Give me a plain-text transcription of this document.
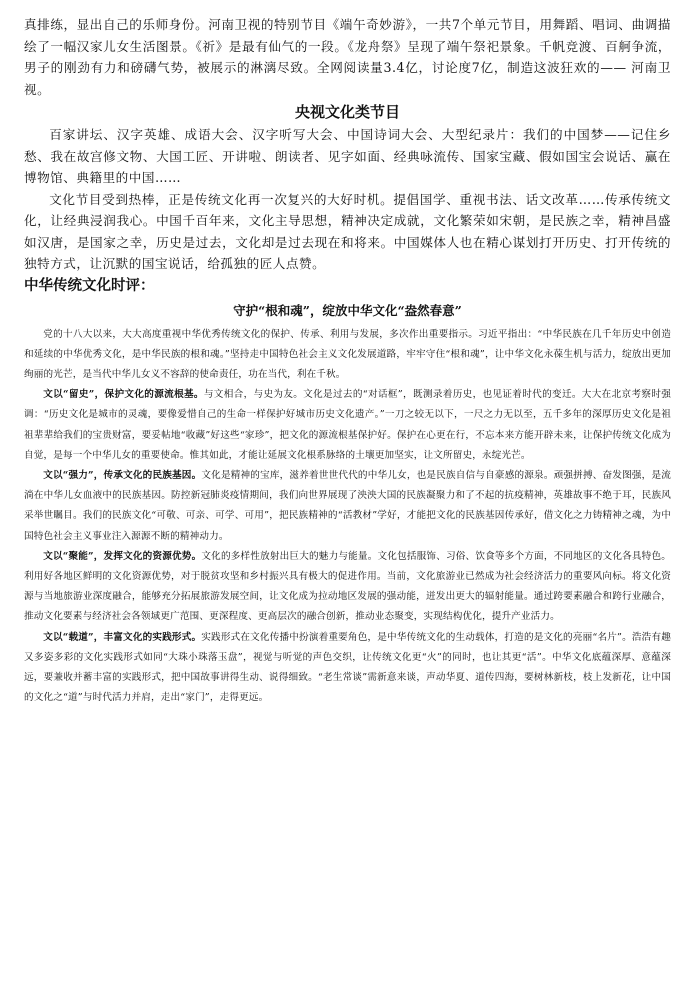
真排练，显出自己的乐师身份。河南卫视的特别节目《端午奇妙游》，一共7个单元节目，用舞蹈、唱词、曲调描绘了一幅汉家儿女生活图景。《祈》是最有仙气的一段。《龙舟祭》呈现了端午祭祀景象。千帆竞渡、百舸争流，男子的刚劲有力和磅礴气势，被展示的淋漓尽致。全网阅读量3.4亿，讨论度7亿，制造这波狂欢的—— 河南卫视。

央视文化类节目

百家讲坛、汉字英雄、成语大会、汉字听写大会、中国诗词大会、大型纪录片：我们的中国梦——记住乡愁、我在故宫修文物、大国工匠、开讲啦、朗读者、见字如面、经典咏流传、国家宝藏、假如国宝会说话、赢在博物馆、典籍里的中国……

文化节目受到热棒，正是传统文化再一次复兴的大好时机。提倡国学、重视书法、话文改革……传承传统文化，让经典浸润我心。中国千百年来，文化主导思想，精神决定成就，文化繁荣如宋朝，是民族之幸，精神昌盛如汉唐，是国家之幸，历史是过去，文化却是过去现在和将来。中国媒体人也在精心谋划打开历史、打开传统的独特方式，让沉默的国宝说话，给孤独的匠人点赞。

中华传统文化时评：
守护“根和魂”，绽放中华文化“盎然春意”

党的十八大以来，大大高度重视中华优秀传统文化的保护、传承、利用与发展，多次作出重要指示。习近平指出：“中华民族在几千年历史中创造和延续的中华优秀文化，是中华民族的根和魂。”坚持走中国特色社会主义文化发展道路，牢牢守住“根和魂”，让中华文化永葆生机与活力，绽放出更加绚丽的光芒，是当代中华儿女义不容辞的使命责任，功在当代，利在千秋。

文以“留史”，保护文化的源流根基。与文相合，与史为友。文化是过去的“对话框”，既测录着历史，也见证着时代的变迁。大大在北京考察时强调：“历史文化是城市的灵魂，要像爱惜自己的生命一样保护好城市历史文化遗产。”一刀之较无以下，一尺之力无以至，五千多年的深厚历史文化是祖祖辈辈给我们的宝贵财富，要妥帖地“收藏”好这些“家珍”，把文化的源流根基保护好。保护在心更在行，不忘本来方能开辟未来，让保护传统文化成为自觉，是每一个中华儿女的重要使命。惟其如此，才能让延展文化根系脉络的土壤更加坚实，让文所留史，永绽光芒。

文以“强力”，传承文化的民族基因。文化是精神的宝库，滋养着世世代代的中华儿女，也是民族自信与自豪感的源泉。顽强拼搏、奋发图强，是流淌在中华儿女血液中的民族基因。防控新冠肺炎疫情期间，我们向世界展现了泱泱大国的民族凝聚力和了不起的抗疫精神，英雄故事不绝于耳，民族风采举世瞩目。我们的民族文化“可敬、可亲、可学、可用”，把民族精神的“活教材”学好，才能把文化的民族基因传承好，借文化之力铸精神之魂，为中国特色社会主义事业注入源源不断的精神动力。

文以“聚能”，发挥文化的资源优势。文化的多样性放射出巨大的魅力与能量。文化包括服饰、习俗、饮食等多个方面，不同地区的文化各具特色。利用好各地区鲜明的文化资源优势，对于脱贫攻坚和乡村振兴具有极大的促进作用。当前，文化旅游业已然成为社会经济活力的重要风向标。将文化资源与当地旅游业深度融合，能够充分拓展旅游发展空间，让文化成为拉动地区发展的强动能，迸发出更大的辐射能量。通过跨要素融合和跨行业融合，推动文化要素与经济社会各领域更广范围、更深程度、更高层次的融合创新，推动业态聚变，实现结构优化，提升产业活力。

文以“载道”，丰富文化的实践形式。实践形式在文化传播中扮演着重要角色，是中华传统文化的生动载体，打造的是文化的亮丽“名片”。浩浩有趣又多姿多彩的文化实践形式如同“大珠小珠落玉盘”，视觉与听觉的声色交织，让传统文化更“火”的同时，也让其更“活”。中华文化底蕴深厚、意蕴深远，要兼收并蓄丰富的实践形式，把中国故事讲得生动、说得细致。“老生常谈”需新意来谈，声动华夏、道传四海，要树林新枝，枝上发新花，让中国的文化之“道”与时代活力并肩，走出“家门”，走得更远。
